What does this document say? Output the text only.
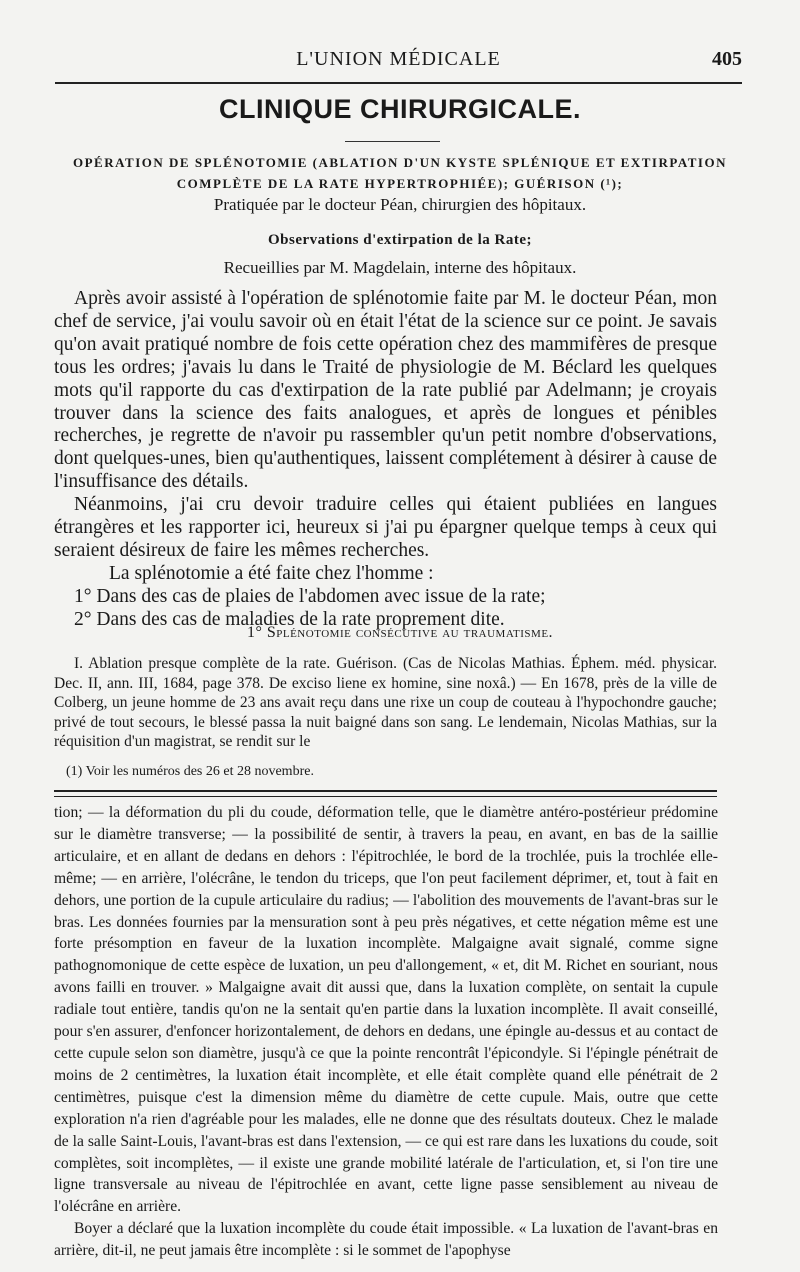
L'UNION MÉDICALE	405
CLINIQUE CHIRURGICALE.
OPÉRATION DE SPLÉNOTOMIE (ABLATION D'UN KYSTE SPLÉNIQUE ET EXTIRPATION COMPLÈTE DE LA RATE HYPERTROPHIÉE); GUÉRISON (¹);
Pratiquée par le docteur Péan, chirurgien des hôpitaux.
Observations d'extirpation de la Rate;
Recueillies par M. Magdelain, interne des hôpitaux.

Après avoir assisté à l'opération de splénotomie faite par M. le docteur Péan, mon chef de service, j'ai voulu savoir où en était l'état de la science sur ce point. Je savais qu'on avait pratiqué nombre de fois cette opération chez des mammifères de presque tous les ordres; j'avais lu dans le Traité de physiologie de M. Béclard les quelques mots qu'il rapporte du cas d'extirpation de la rate publié par Adelmann; je croyais trouver dans la science des faits analogues, et après de longues et pénibles recherches, je regrette de n'avoir pu rassembler qu'un petit nombre d'observations, dont quelques-unes, bien qu'authentiques, laissent complétement à désirer à cause de l'insuffisance des détails.

Néanmoins, j'ai cru devoir traduire celles qui étaient publiées en langues étrangères et les rapporter ici, heureux si j'ai pu épargner quelque temps à ceux qui seraient désireux de faire les mêmes recherches.

La splénotomie a été faite chez l'homme :

1° Dans des cas de plaies de l'abdomen avec issue de la rate;

2° Dans des cas de maladies de la rate proprement dite.

1° Splénotomie consécutive au traumatisme.

I. Ablation presque complète de la rate. Guérison. (Cas de Nicolas Mathias. Éphem. méd. physicar. Dec. II, ann. III, 1684, page 378. De exciso liene ex homine, sine noxâ.) — En 1678, près de la ville de Colberg, un jeune homme de 23 ans avait reçu dans une rixe un coup de couteau à l'hypochondre gauche; privé de tout secours, le blessé passa la nuit baigné dans son sang. Le lendemain, Nicolas Mathias, sur la réquisition d'un magistrat, se rendit sur le

(1) Voir les numéros des 26 et 28 novembre.

tion; — la déformation du pli du coude, déformation telle, que le diamètre antéro-postérieur prédomine sur le diamètre transverse; — la possibilité de sentir, à travers la peau, en avant, en bas de la saillie articulaire, et en allant de dedans en dehors : l'épitrochlée, le bord de la trochlée, puis la trochlée elle-même; — en arrière, l'olécrâne, le tendon du triceps, que l'on peut facilement déprimer, et, tout à fait en dehors, une portion de la cupule articulaire du radius; — l'abolition des mouvements de l'avant-bras sur le bras. Les données fournies par la mensuration sont à peu près négatives, et cette négation même est une forte présomption en faveur de la luxation incomplète. Malgaigne avait signalé, comme signe pathognomonique de cette espèce de luxation, un peu d'allongement, « et, dit M. Richet en souriant, nous avons failli en trouver. » Malgaigne avait dit aussi que, dans la luxation complète, on sentait la cupule radiale tout entière, tandis qu'on ne la sentait qu'en partie dans la luxation incomplète. Il avait conseillé, pour s'en assurer, d'enfoncer horizontalement, de dehors en dedans, une épingle au-dessus et au contact de cette cupule selon son diamètre, jusqu'à ce que la pointe rencontrât l'épicondyle. Si l'épingle pénétrait de moins de 2 centimètres, la luxation était incomplète, et elle était complète quand elle pénétrait de 2 centimètres, puisque c'est la dimension même du diamètre de cette cupule. Mais, outre que cette exploration n'a rien d'agréable pour les malades, elle ne donne que des résultats douteux. Chez le malade de la salle Saint-Louis, l'avant-bras est dans l'extension, — ce qui est rare dans les luxations du coude, soit complètes, soit incomplètes, — il existe une grande mobilité latérale de l'articulation, et, si l'on tire une ligne transversale au niveau de l'épitrochlée en avant, cette ligne passe sensiblement au niveau de l'olécrâne en arrière.

Boyer a déclaré que la luxation incomplète du coude était impossible. « La luxation de l'avant-bras en arrière, dit-il, ne peut jamais être incomplète : si le sommet de l'apophyse
